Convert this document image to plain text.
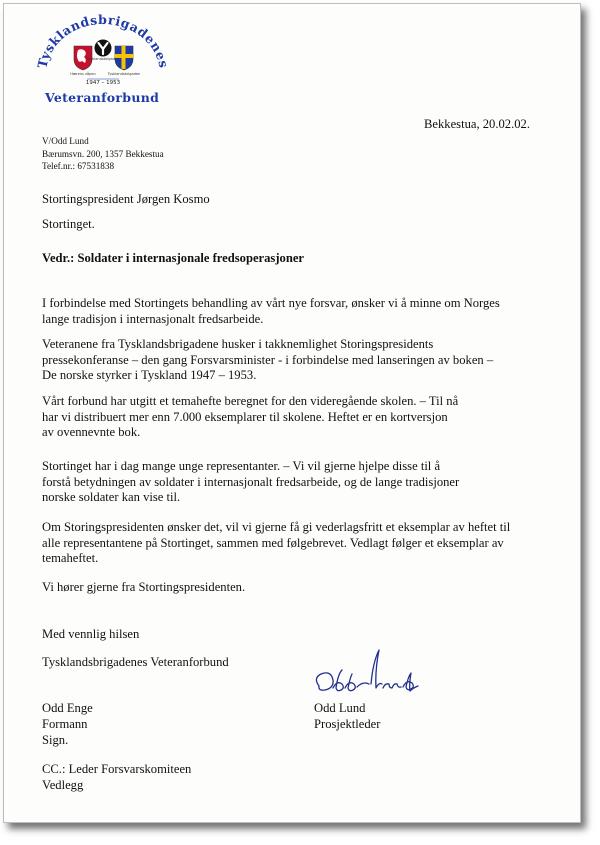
Tysklandsbrigadenes
Hærens våpen
Tysklandsbrigaden
Tysklandsbrigaden
1947 – 1953
Veteranforbund
Bekkestua, 20.02.02.
V/Odd Lund
Bærumsvn. 200, 1357 Bekkestua
Telef.nr.: 67531838
Stortingspresident Jørgen Kosmo
Stortinget.
Vedr.: Soldater i internasjonale fredsoperasjoner
I forbindelse med Stortingets behandling av vårt nye forsvar, ønsker vi å minne om Norges
lange tradisjon i internasjonalt fredsarbeide.
Veteranene fra Tysklandsbrigadene husker i takknemlighet Storingspresidents
pressekonferanse – den gang Forsvarsminister - i forbindelse med lanseringen av boken –
De norske styrker i Tyskland 1947 – 1953.
Vårt forbund har utgitt et temahefte beregnet for den videregående skolen. – Til nå
har vi distribuert mer enn 7.000 eksemplarer til skolene. Heftet er en kortversjon
av ovennevnte bok.
Stortinget har i dag mange unge representanter. – Vi vil gjerne hjelpe disse til å
forstå betydningen av soldater i internasjonalt fredsarbeide, og de lange tradisjoner
norske soldater kan vise til.
Om Storingspresidenten ønsker det, vil vi gjerne få gi vederlagsfritt et eksemplar av heftet til
alle representantene på Stortinget, sammen med følgebrevet. Vedlagt følger et eksemplar av
temaheftet.
Vi hører gjerne fra Stortingspresidenten.
Med vennlig hilsen
Tysklandsbrigadenes Veteranforbund
Odd Enge
Formann
Sign.
Odd Lund
Prosjektleder
CC.: Leder Forsvarskomiteen
Vedlegg
